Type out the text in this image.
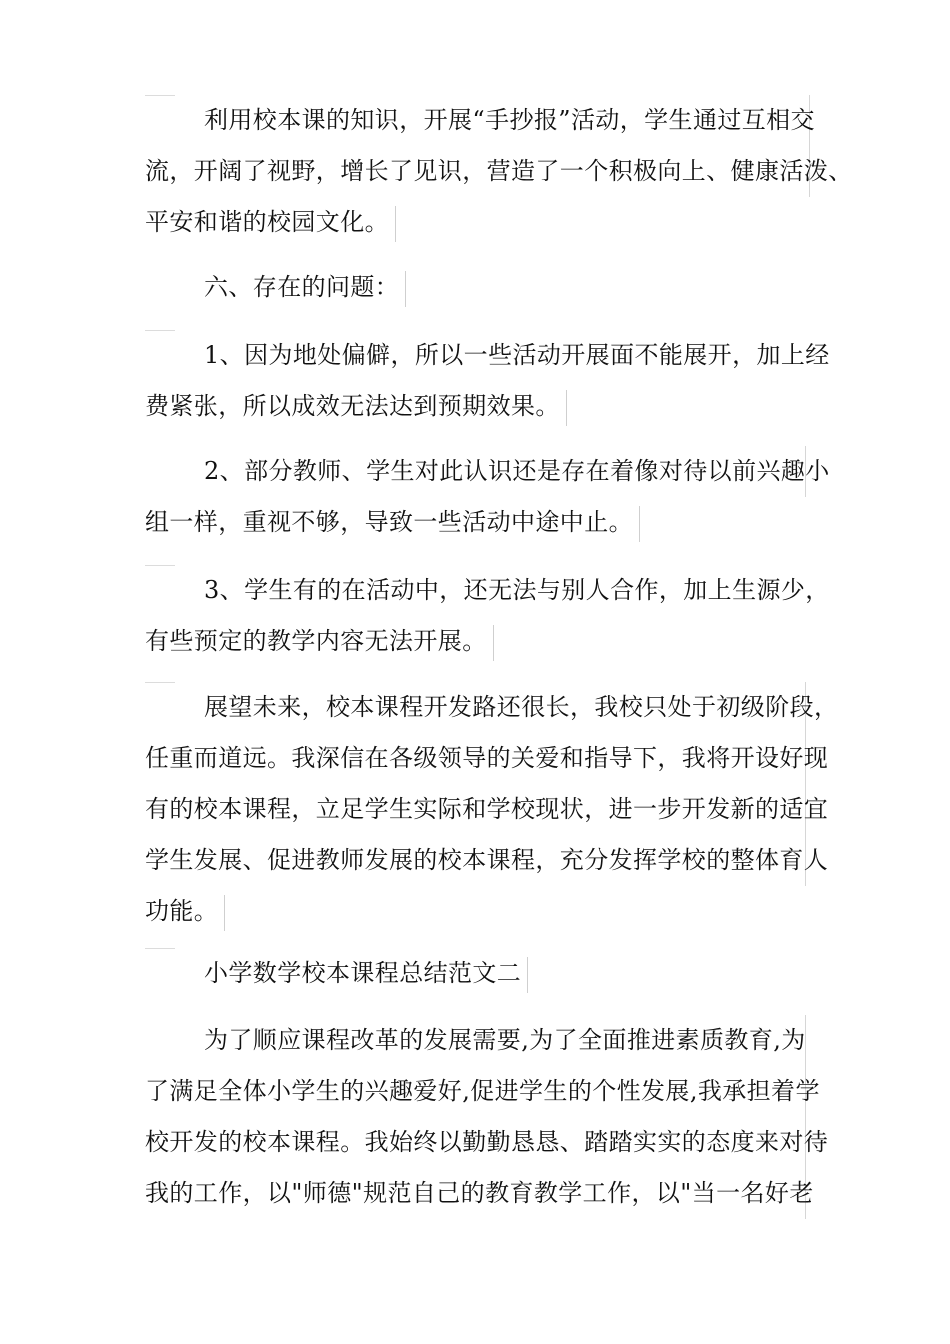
利用校本课的知识，开展“手抄报”活动，学生通过互相交
流，开阔了视野，增长了见识，营造了一个积极向上、健康活泼、
平安和谐的校园文化。
六、存在的问题：
1、因为地处偏僻，所以一些活动开展面不能展开，加上经
费紧张，所以成效无法达到预期效果。
2、部分教师、学生对此认识还是存在着像对待以前兴趣小
组一样，重视不够，导致一些活动中途中止。
3、学生有的在活动中，还无法与别人合作，加上生源少，
有些预定的教学内容无法开展。
展望未来，校本课程开发路还很长，我校只处于初级阶段，
任重而道远。我深信在各级领导的关爱和指导下，我将开设好现
有的校本课程，立足学生实际和学校现状，进一步开发新的适宜
学生发展、促进教师发展的校本课程，充分发挥学校的整体育人
功能。
小学数学校本课程总结范文二
为了顺应课程改革的发展需要,为了全面推进素质教育,为
了满足全体小学生的兴趣爱好,促进学生的个性发展,我承担着学
校开发的校本课程。我始终以勤勤恳恳、踏踏实实的态度来对待
我的工作，以"师德"规范自己的教育教学工作，以"当一名好老
